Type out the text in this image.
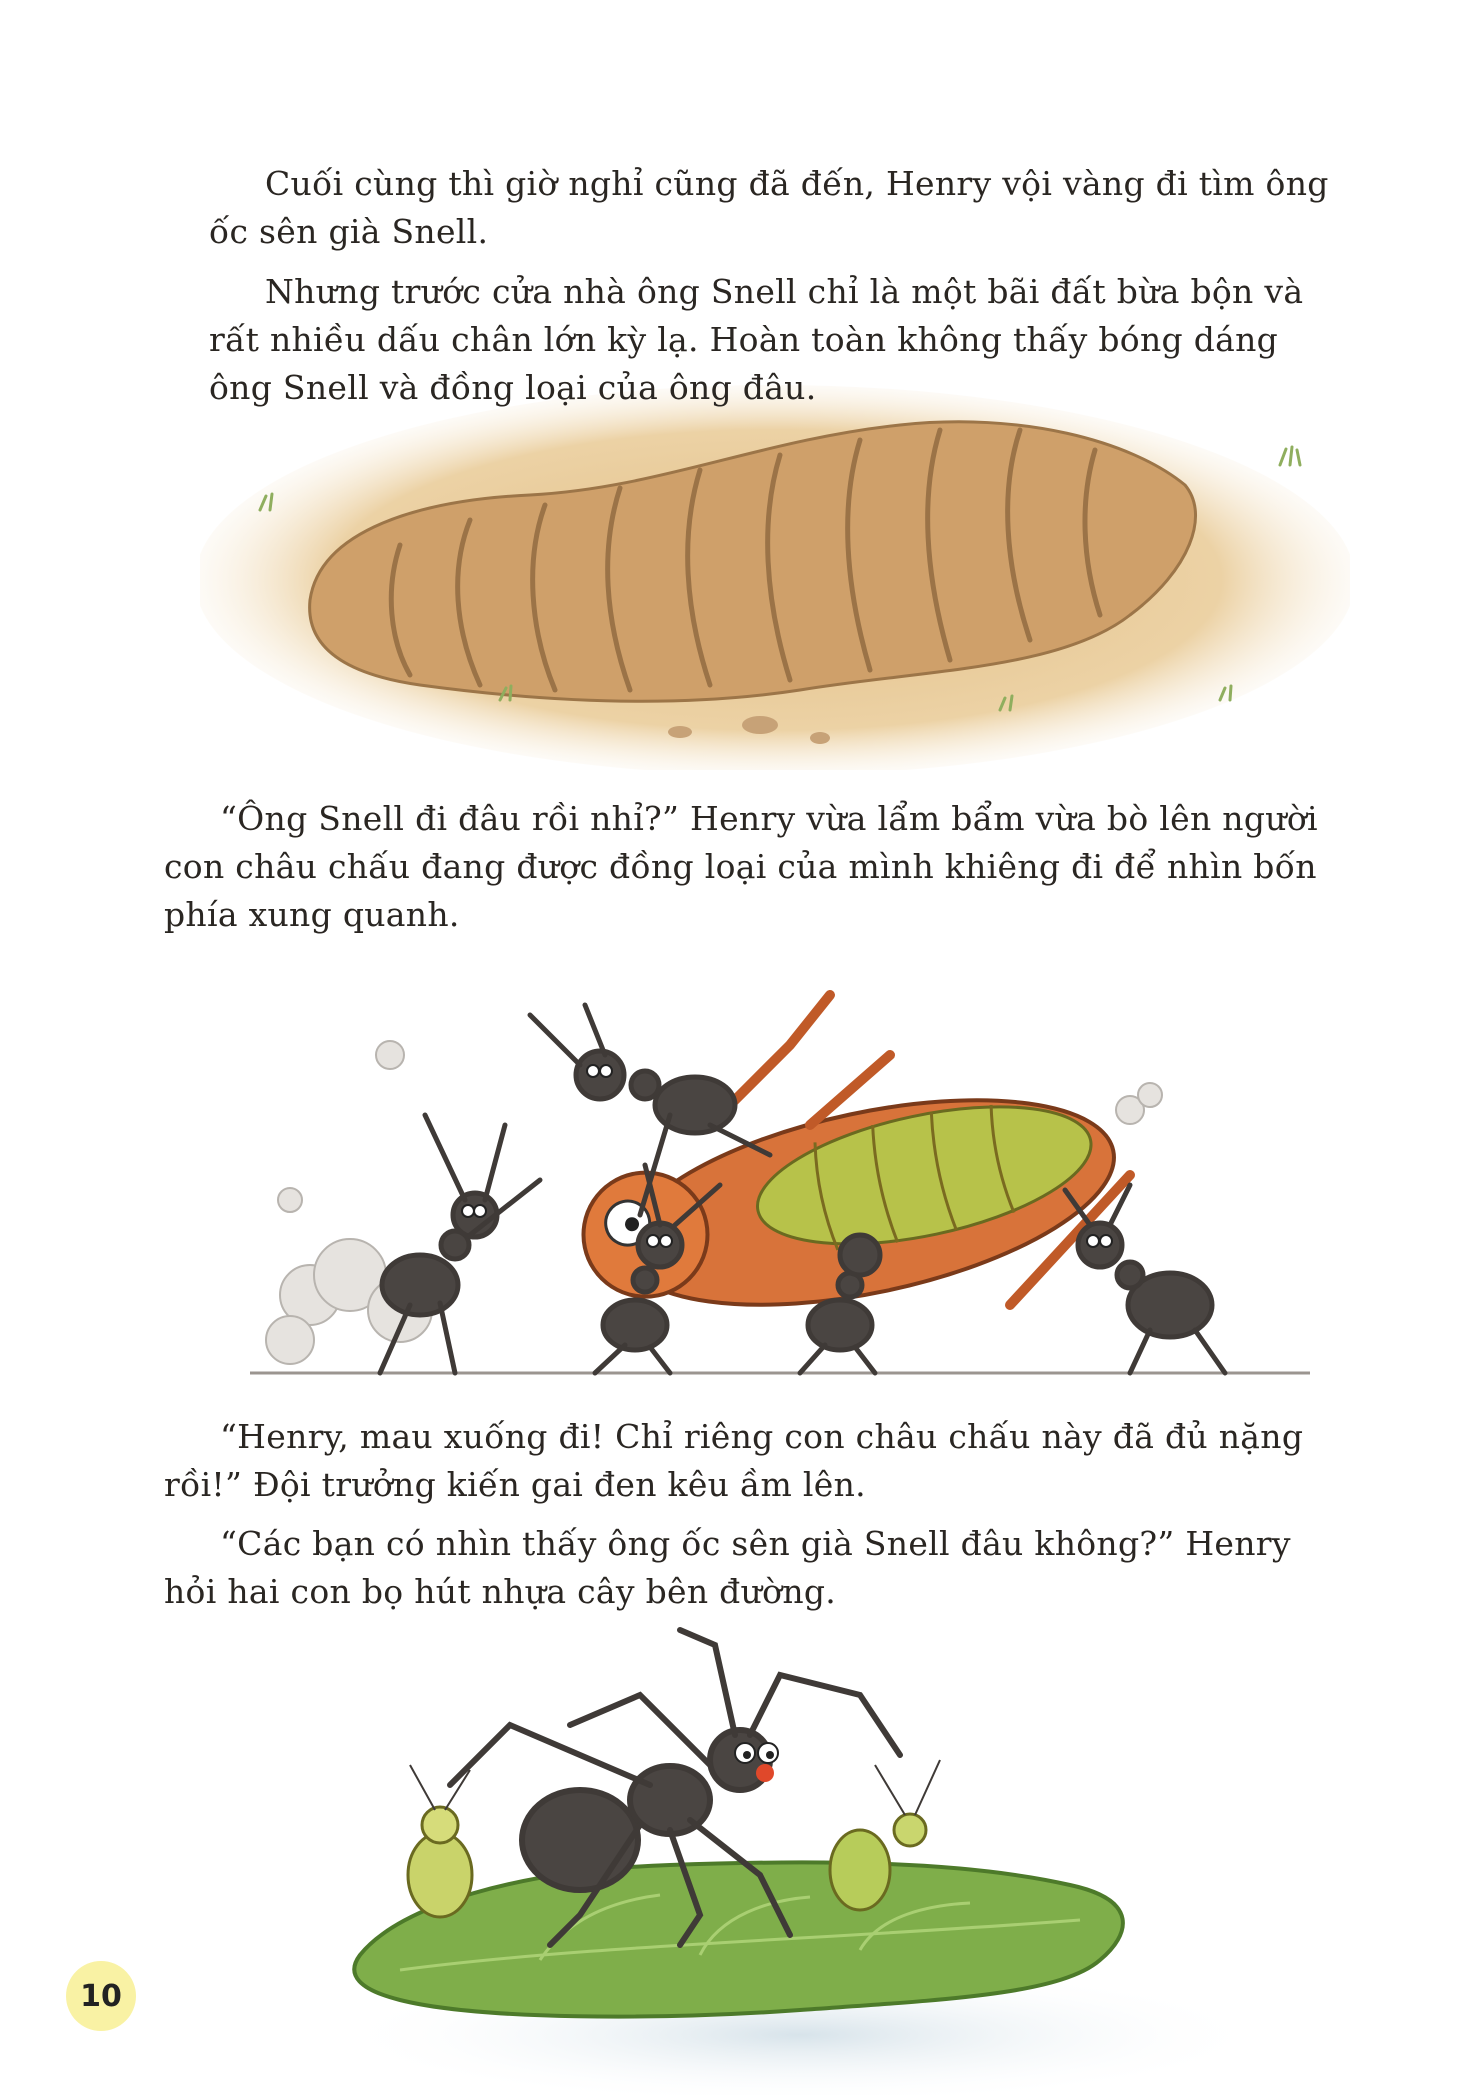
Cuối cùng thì giờ nghỉ cũng đã đến, Henry vội vàng đi tìm ông ốc sên già Snell.

Nhưng trước cửa nhà ông Snell chỉ là một bãi đất bừa bộn và rất nhiều dấu chân lớn kỳ lạ. Hoàn toàn không thấy bóng dáng ông Snell và đồng loại của ông đâu.

“Ông Snell đi đâu rồi nhỉ?” Henry vừa lẩm bẩm vừa bò lên người con châu chấu đang được đồng loại của mình khiêng đi để nhìn bốn phía xung quanh.

“Henry, mau xuống đi! Chỉ riêng con châu chấu này đã đủ nặng rồi!” Đội trưởng kiến gai đen kêu ầm lên.

“Các bạn có nhìn thấy ông ốc sên già Snell đâu không?” Henry hỏi hai con bọ hút nhựa cây bên đường.

10
